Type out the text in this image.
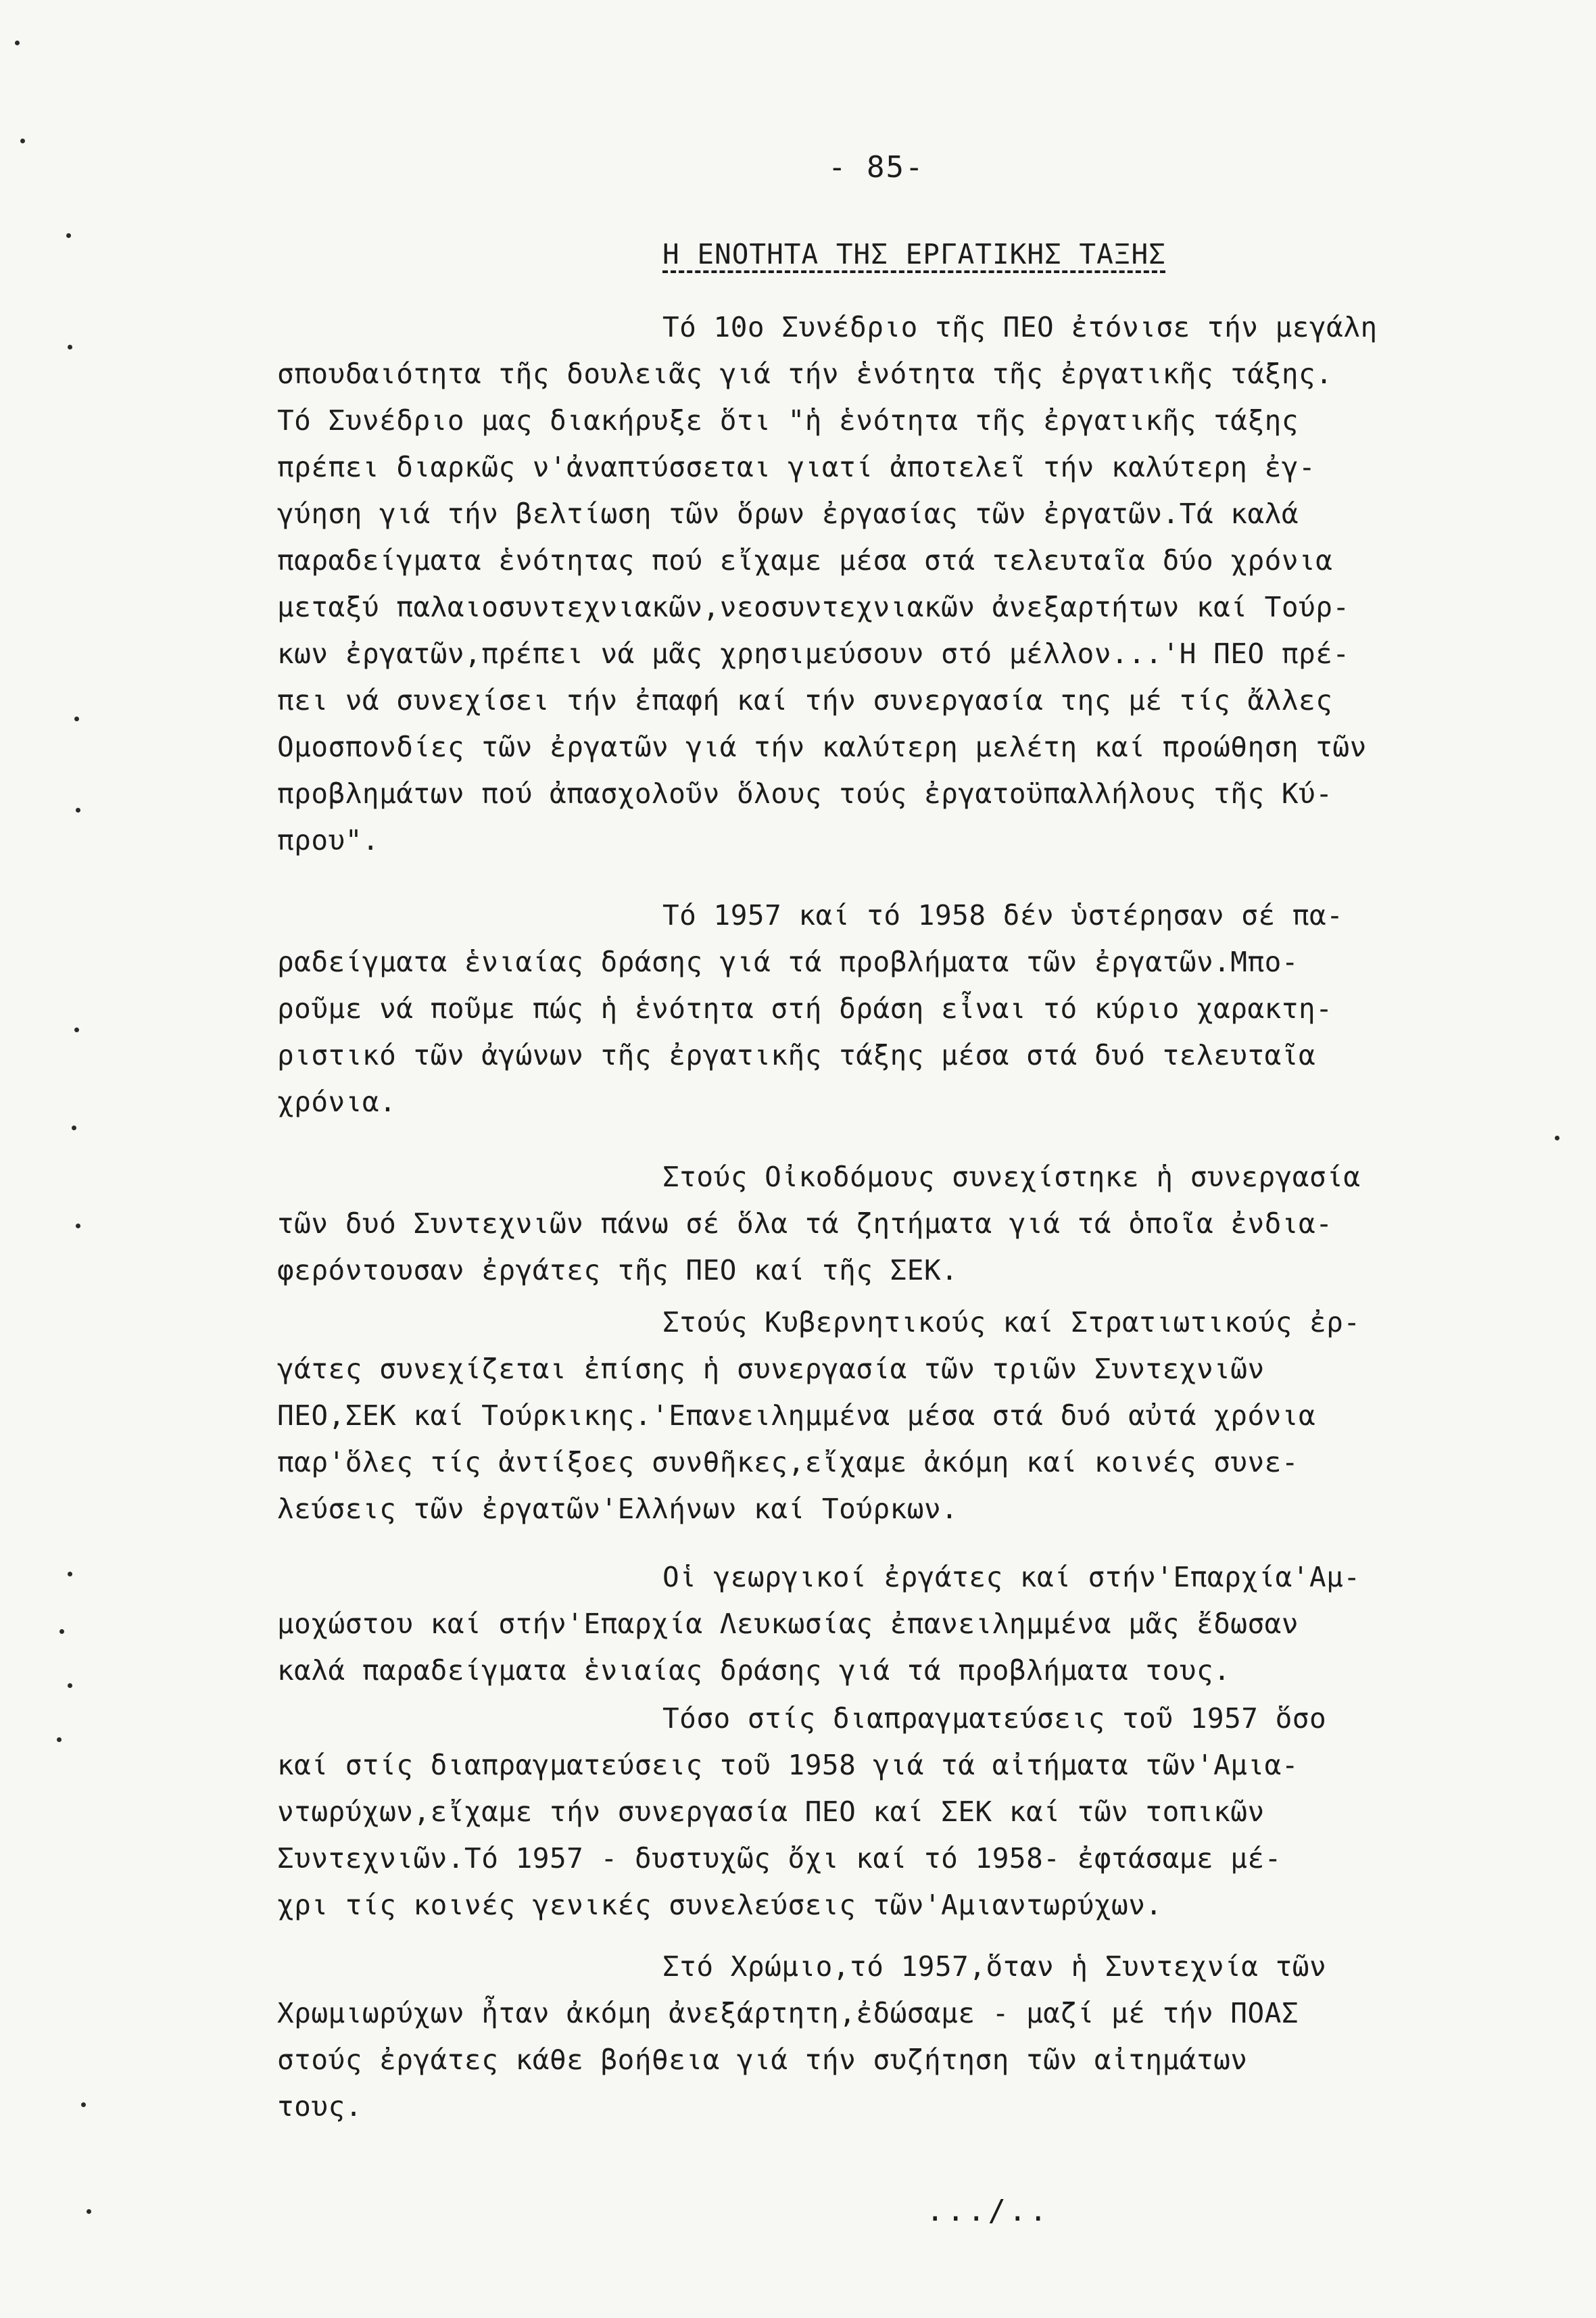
- 85-
Η ΕΝΟΤΗΤΑ ΤΗΣ ΕΡΓΑΤΙΚΗΣ ΤΑΞΗΣ
Τό 10ο Συνέδριο τῆς ΠΕΟ ἐτόνισε τήν μεγάλη
σπουδαιότητα τῆς δουλειᾶς γιά τήν ἑνότητα τῆς ἐργατικῆς τάξης.
Τό Συνέδριο μας διακήρυξε ὅτι "ἡ ἑνότητα τῆς ἐργατικῆς τάξης
πρέπει διαρκῶς ν'ἀναπτύσσεται γιατί ἀποτελεῖ τήν καλύτερη ἐγ-
γύηση γιά τήν βελτίωση τῶν ὅρων ἐργασίας τῶν ἐργατῶν.Τά καλά
παραδείγματα ἑνότητας πού εἴχαμε μέσα στά τελευταῖα δύο χρόνια
μεταξύ παλαιοσυντεχνιακῶν,νεοσυντεχνιακῶν ἀνεξαρτήτων καί Τούρ-
κων ἐργατῶν,πρέπει νά μᾶς χρησιμεύσουν στό μέλλον...'Η ΠΕΟ πρέ-
πει νά συνεχίσει τήν ἐπαφή καί τήν συνεργασία της μέ τίς ἄλλες
Ομοσπονδίες τῶν ἐργατῶν γιά τήν καλύτερη μελέτη καί προώθηση τῶν
προβλημάτων πού ἀπασχολοῦν ὅλους τούς ἐργατοϋπαλλήλους τῆς Κύ-
πρου".
Τό 1957 καί τό 1958 δέν ὑστέρησαν σέ πα-
ραδείγματα ἑνιαίας δράσης γιά τά προβλήματα τῶν ἐργατῶν.Μπο-
ροῦμε νά ποῦμε πώς ἡ ἑνότητα στή δράση εἶναι τό κύριο χαρακτη-
ριστικό τῶν ἀγώνων τῆς ἐργατικῆς τάξης μέσα στά δυό τελευταῖα
χρόνια.
Στούς Οἰκοδόμους συνεχίστηκε ἡ συνεργασία
τῶν δυό Συντεχνιῶν πάνω σέ ὅλα τά ζητήματα γιά τά ὁποῖα ἐνδια-
φερόντουσαν ἐργάτες τῆς ΠΕΟ καί τῆς ΣΕΚ.
Στούς Κυβερνητικούς καί Στρατιωτικούς ἐρ-
γάτες συνεχίζεται ἐπίσης ἡ συνεργασία τῶν τριῶν Συντεχνιῶν
ΠΕΟ,ΣΕΚ καί Τούρκικης.'Επανειλημμένα μέσα στά δυό αὐτά χρόνια
παρ'ὅλες τίς ἀντίξοες συνθῆκες,εἴχαμε ἀκόμη καί κοινές συνε-
λεύσεις τῶν ἐργατῶν'Ελλήνων καί Τούρκων.
Οἱ γεωργικοί ἐργάτες καί στήν'Επαρχία'Αμ-
μοχώστου καί στήν'Επαρχία Λευκωσίας ἐπανειλημμένα μᾶς ἔδωσαν
καλά παραδείγματα ἑνιαίας δράσης γιά τά προβλήματα τους.
Τόσο στίς διαπραγματεύσεις τοῦ 1957 ὅσο
καί στίς διαπραγματεύσεις τοῦ 1958 γιά τά αἰτήματα τῶν'Αμια-
ντωρύχων,εἴχαμε τήν συνεργασία ΠΕΟ καί ΣΕΚ καί τῶν τοπικῶν
Συντεχνιῶν.Τό 1957 - δυστυχῶς ὄχι καί τό 1958- ἐφτάσαμε μέ-
χρι τίς κοινές γενικές συνελεύσεις τῶν'Αμιαντωρύχων.
Στό Χρώμιο,τό 1957,ὅταν ἡ Συντεχνία τῶν
Χρωμιωρύχων ἦταν ἀκόμη ἀνεξάρτητη,ἐδώσαμε - μαζί μέ τήν ΠΟΑΣ
στούς ἐργάτες κάθε βοήθεια γιά τήν συζήτηση τῶν αἰτημάτων
τους.
.../..
